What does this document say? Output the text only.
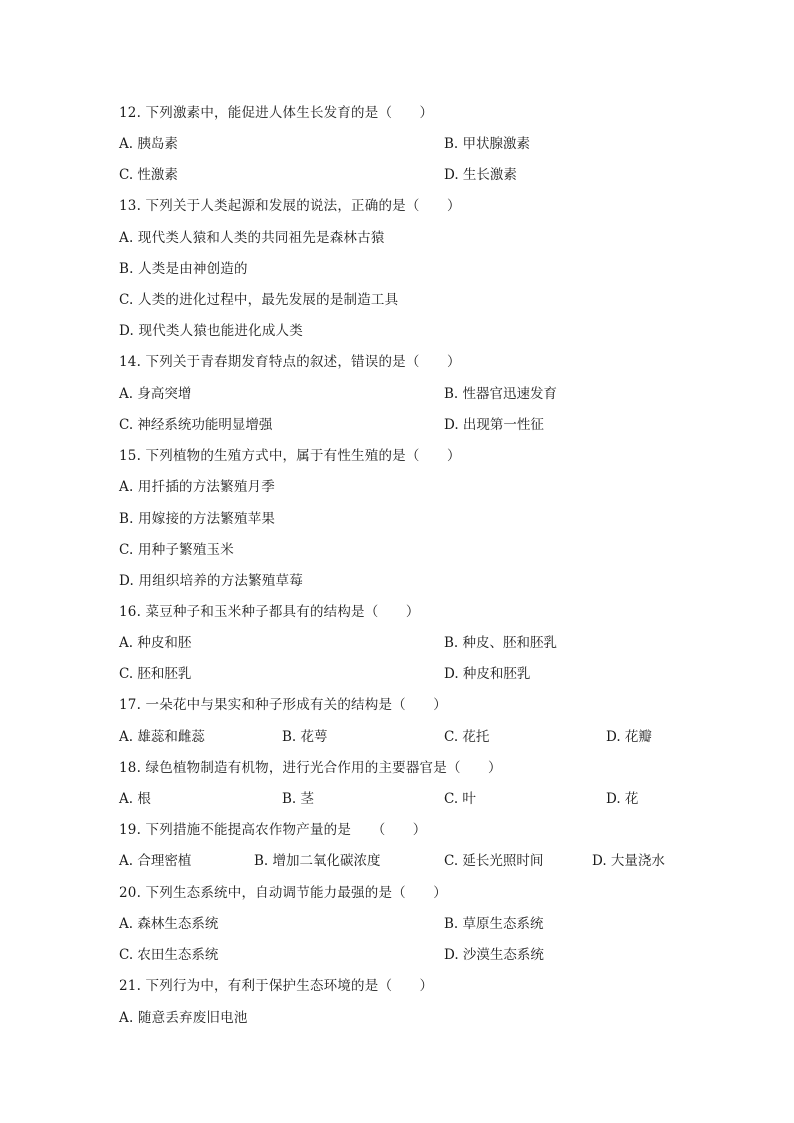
12. 下列激素中，能促进人体生长发育的是（　　）
A. 胰岛素	B. 甲状腺激素
C. 性激素	D. 生长激素
13. 下列关于人类起源和发展的说法，正确的是（　　）
A. 现代类人猿和人类的共同祖先是森林古猿
B. 人类是由神创造的
C. 人类的进化过程中，最先发展的是制造工具
D. 现代类人猿也能进化成人类
14. 下列关于青春期发育特点的叙述，错误的是（　　）
A. 身高突增	B. 性器官迅速发育
C. 神经系统功能明显增强	D. 出现第一性征
15. 下列植物的生殖方式中，属于有性生殖的是（　　）
A. 用扦插的方法繁殖月季
B. 用嫁接的方法繁殖苹果
C. 用种子繁殖玉米
D. 用组织培养的方法繁殖草莓
16. 菜豆种子和玉米种子都具有的结构是（　　）
A. 种皮和胚	B. 种皮、胚和胚乳
C. 胚和胚乳	D. 种皮和胚乳
17. 一朵花中与果实和种子形成有关的结构是（　　）
A. 雄蕊和雌蕊	B. 花萼	C. 花托	D. 花瓣
18. 绿色植物制造有机物，进行光合作用的主要器官是（　　）
A. 根	B. 茎	C. 叶	D. 花
19. 下列措施不能提高农作物产量的是　　（　　）
A. 合理密植	B. 增加二氧化碳浓度	C. 延长光照时间	D. 大量浇水
20. 下列生态系统中，自动调节能力最强的是（　　）
A. 森林生态系统	B. 草原生态系统
C. 农田生态系统	D. 沙漠生态系统
21. 下列行为中，有利于保护生态环境的是（　　）
A. 随意丢弃废旧电池
